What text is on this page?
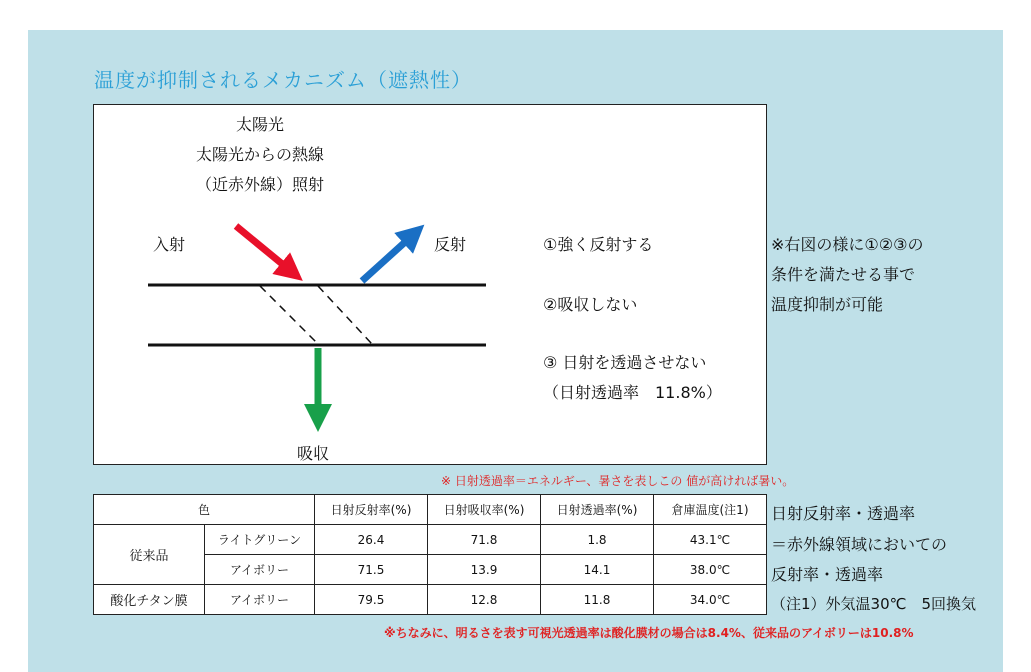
温度が抑制されるメカニズム（遮熱性）
太陽光
太陽光からの熱線
（近赤外線）照射
入射	反射
吸収
①強く反射する
②吸収しない
③ 日射を透過させない
（日射透過率　11.8%）
※右図の様に①②③の
条件を満たせる事で
温度抑制が可能
※ 日射透過率＝エネルギー、暑さを表しこの 値が高ければ暑い。
色		日射反射率(%)	日射吸収率(%)	日射透過率(%)	倉庫温度(注1)
従来品	ライトグリーン	26.4	71.8	1.8	43.1℃
	アイボリー	71.5	13.9	14.1	38.0℃
酸化チタン膜	アイボリー	79.5	12.8	11.8	34.0℃
日射反射率・透過率
＝赤外線領域においての
反射率・透過率
（注1）外気温30℃　5回換気
※ちなみに、明るさを表す可視光透過率は酸化膜材の場合は8.4%、従来品のアイボリーは10.8%
